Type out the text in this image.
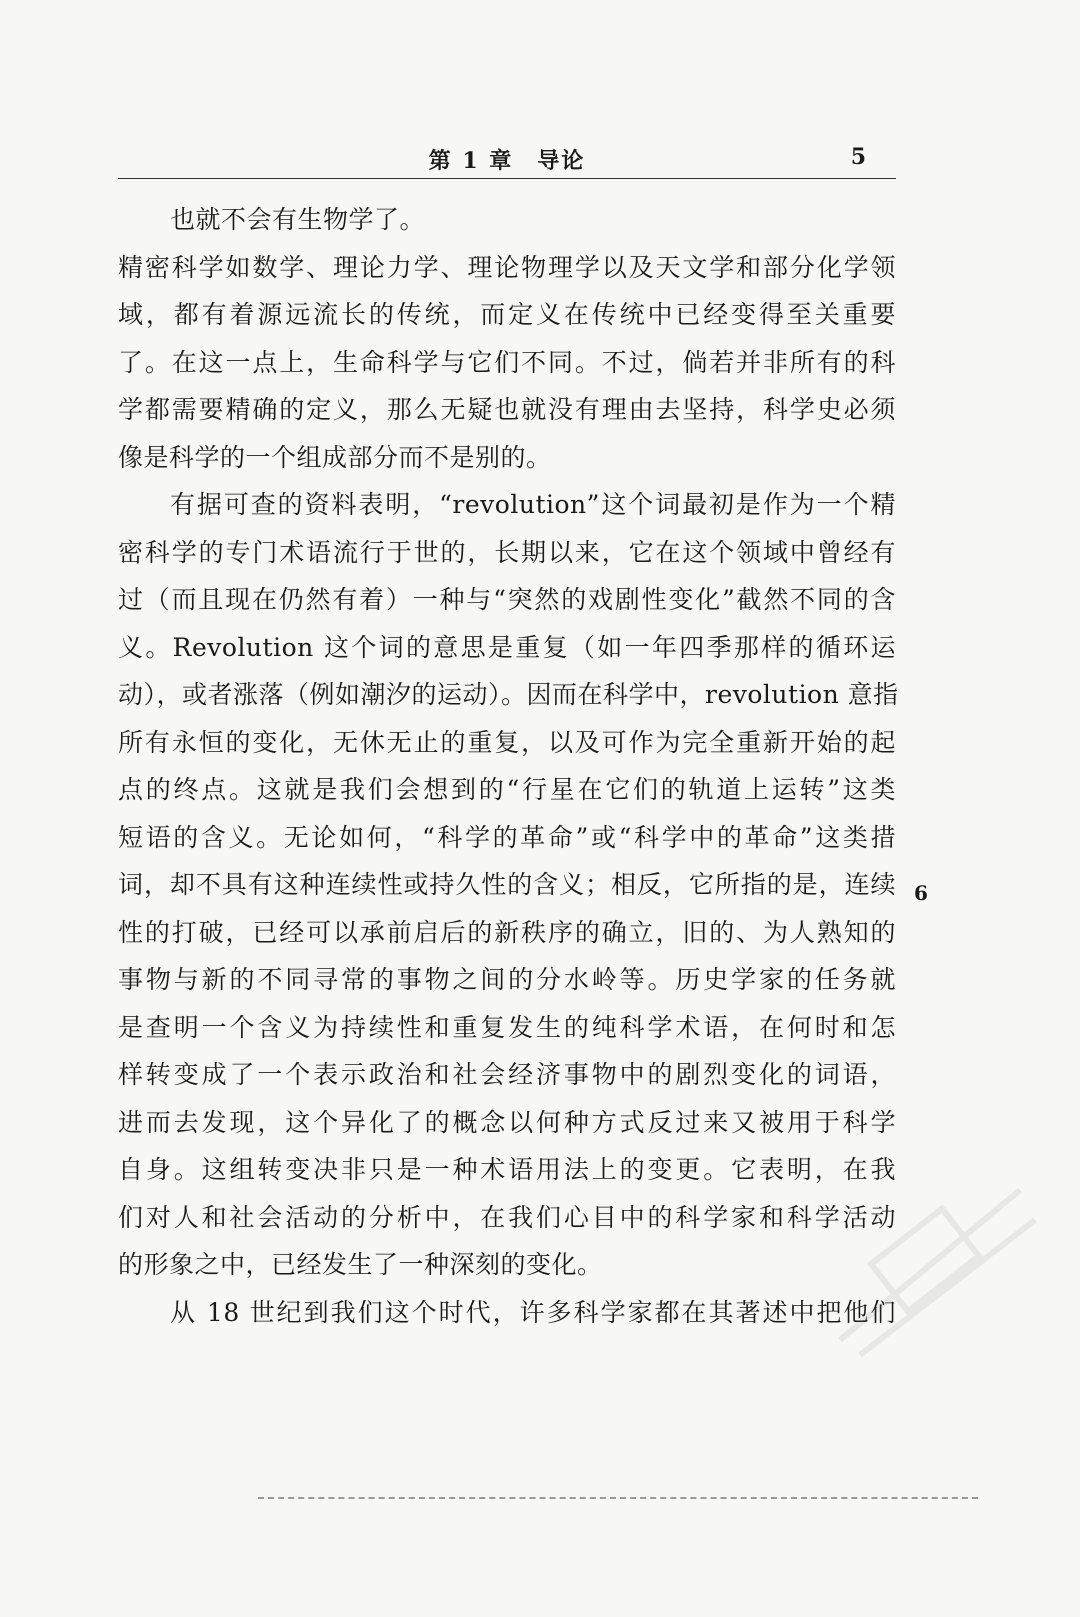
第 1 章　导论	5
也就不会有生物学了。
精密科学如数学、理论力学、理论物理学以及天文学和部分化学领
域，都有着源远流长的传统，而定义在传统中已经变得至关重要
了。在这一点上，生命科学与它们不同。不过，倘若并非所有的科
学都需要精确的定义，那么无疑也就没有理由去坚持，科学史必须
像是科学的一个组成部分而不是别的。
有据可查的资料表明，“revolution”这个词最初是作为一个精
密科学的专门术语流行于世的，长期以来，它在这个领域中曾经有
过（而且现在仍然有着）一种与“突然的戏剧性变化”截然不同的含
义。Revolution 这个词的意思是重复（如一年四季那样的循环运
动），或者涨落（例如潮汐的运动）。因而在科学中，revolution 意指
所有永恒的变化，无休无止的重复，以及可作为完全重新开始的起
点的终点。这就是我们会想到的“行星在它们的轨道上运转”这类
短语的含义。无论如何，“科学的革命”或“科学中的革命”这类措
词，却不具有这种连续性或持久性的含义；相反，它所指的是，连续
性的打破，已经可以承前启后的新秩序的确立，旧的、为人熟知的
事物与新的不同寻常的事物之间的分水岭等。历史学家的任务就
是查明一个含义为持续性和重复发生的纯科学术语，在何时和怎
样转变成了一个表示政治和社会经济事物中的剧烈变化的词语，
进而去发现，这个异化了的概念以何种方式反过来又被用于科学
自身。这组转变决非只是一种术语用法上的变更。它表明，在我
们对人和社会活动的分析中，在我们心目中的科学家和科学活动
的形象之中，已经发生了一种深刻的变化。
从 18 世纪到我们这个时代，许多科学家都在其著述中把他们
6
